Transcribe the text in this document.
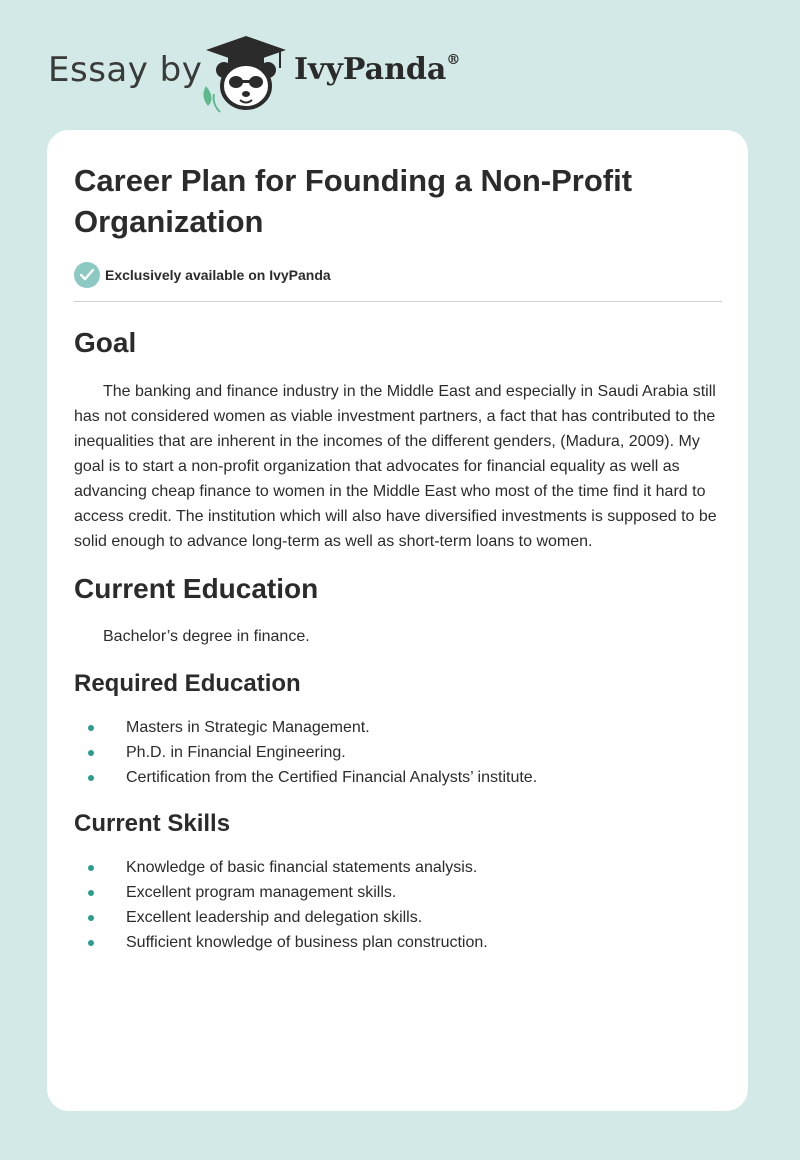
Essay by	IvyPanda®
Career Plan for Founding a Non-Profit Organization
Exclusively available on IvyPanda
Goal

The banking and finance industry in the Middle East and especially in Saudi Arabia still has not considered women as viable investment partners, a fact that has contributed to the inequalities that are inherent in the incomes of the different genders, (Madura, 2009). My goal is to start a non-profit organization that advocates for financial equality as well as advancing cheap finance to women in the Middle East who most of the time find it hard to access credit. The institution which will also have diversified investments is supposed to be solid enough to advance long-term as well as short-term loans to women.

Current Education

Bachelor’s degree in finance.

Required Education
Masters in Strategic Management.
Ph.D. in Financial Engineering.
Certification from the Certified Financial Analysts’ institute.
Current Skills
Knowledge of basic financial statements analysis.
Excellent program management skills.
Excellent leadership and delegation skills.
Sufficient knowledge of business plan construction.
